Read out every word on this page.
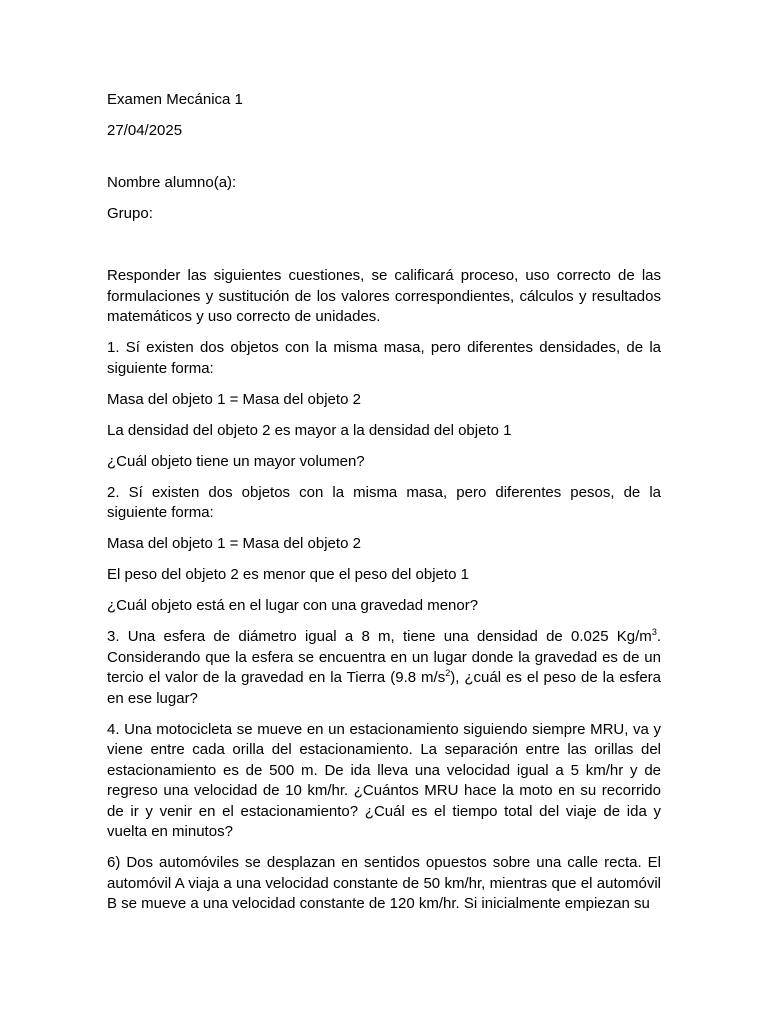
Examen Mecánica 1

27/04/2025

Nombre alumno(a):

Grupo:

Responder las siguientes cuestiones, se calificará proceso, uso correcto de las formulaciones y sustitución de los valores correspondientes, cálculos y resultados matemáticos y uso correcto de unidades.

1. Sí existen dos objetos con la misma masa, pero diferentes densidades, de la siguiente forma:

Masa del objeto 1 = Masa del objeto 2

La densidad del objeto 2 es mayor a la densidad del objeto 1

¿Cuál objeto tiene un mayor volumen?

2. Sí existen dos objetos con la misma masa, pero diferentes pesos, de la siguiente forma:

Masa del objeto 1 = Masa del objeto 2

El peso del objeto 2 es menor que el peso del objeto 1

¿Cuál objeto está en el lugar con una gravedad menor?

3. Una esfera de diámetro igual a 8 m, tiene una densidad de 0.025 $Kg/m^3$. Considerando que la esfera se encuentra en un lugar donde la gravedad es de un tercio el valor de la gravedad en la Tierra (9.8 $m/s^2$), ¿cuál es el peso de la esfera en ese lugar?

4. Una motocicleta se mueve en un estacionamiento siguiendo siempre MRU, va y viene entre cada orilla del estacionamiento. La separación entre las orillas del estacionamiento es de 500 m. De ida lleva una velocidad igual a 5 km/hr y de regreso una velocidad de 10 km/hr. ¿Cuántos MRU hace la moto en su recorrido de ir y venir en el estacionamiento? ¿Cuál es el tiempo total del viaje de ida y vuelta en minutos?

6) Dos automóviles se desplazan en sentidos opuestos sobre una calle recta. El automóvil A viaja a una velocidad constante de 50 km/hr, mientras que el automóvil B se mueve a una velocidad constante de 120 km/hr. Si inicialmente empiezan su
